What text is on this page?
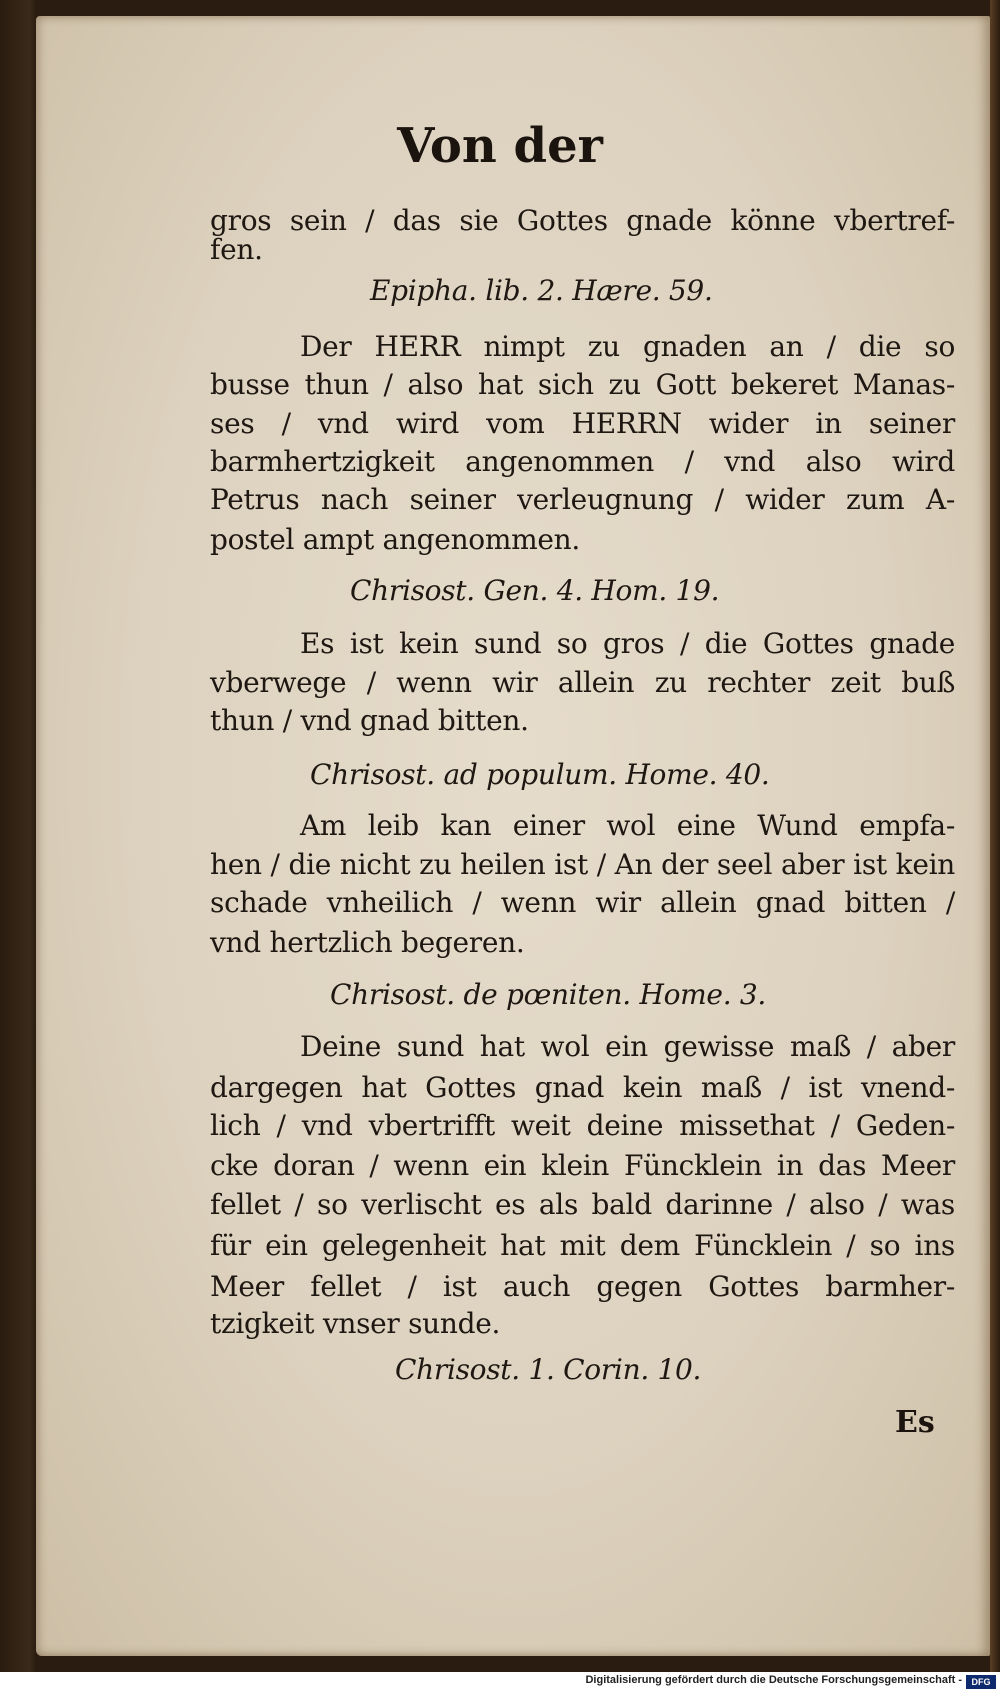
Von der
gros sein / das sie Gottes gnade könne vbertref-
fen.
Epipha. lib. 2. Hære. 59.
Der HERR nimpt zu gnaden an / die so
busse thun / also hat sich zu Gott bekeret Manas-
ses / vnd wird vom HERRN wider in seiner
barmhertzigkeit angenommen / vnd also wird
Petrus nach seiner verleugnung / wider zum A-
postel ampt angenommen.
Chrisost. Gen. 4. Hom. 19.
Es ist kein sund so gros / die Gottes gnade
vberwege / wenn wir allein zu rechter zeit buß
thun / vnd gnad bitten.
Chrisost. ad populum. Home. 40.
Am leib kan einer wol eine Wund empfa-
hen / die nicht zu heilen ist / An der seel aber ist kein
schade vnheilich / wenn wir allein gnad bitten /
vnd hertzlich begeren.
Chrisost. de pœniten. Home. 3.
Deine sund hat wol ein gewisse maß / aber
dargegen hat Gottes gnad kein maß / ist vnend-
lich / vnd vbertrifft weit deine missethat / Geden-
cke doran / wenn ein klein Füncklein in das Meer
fellet / so verlischt es als bald darinne / also / was
für ein gelegenheit hat mit dem Füncklein / so ins
Meer fellet / ist auch gegen Gottes barmher-
tzigkeit vnser sunde.
Chrisost. 1. Corin. 10.
Es
Digitalisierung gefördert durch die Deutsche Forschungsgemeinschaft -	DFG
